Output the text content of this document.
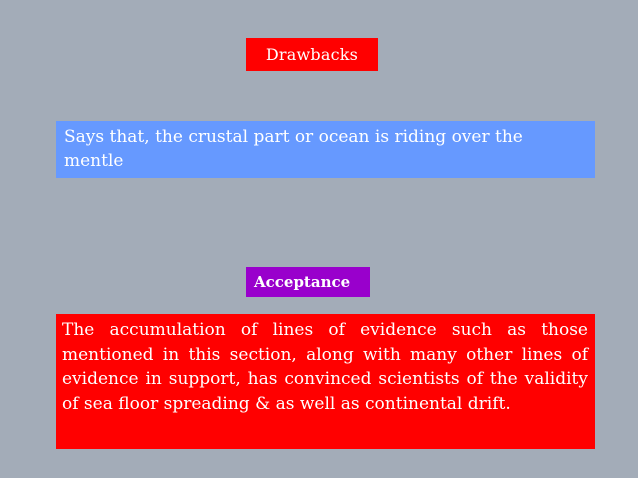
Drawbacks
Says that, the crustal part or ocean is riding over the mentle
Acceptance
The accumulation of lines of evidence such as those mentioned in this section, along with many other lines of evidence in support, has convinced scientists of the validity of sea floor spreading & as well as continental drift.
